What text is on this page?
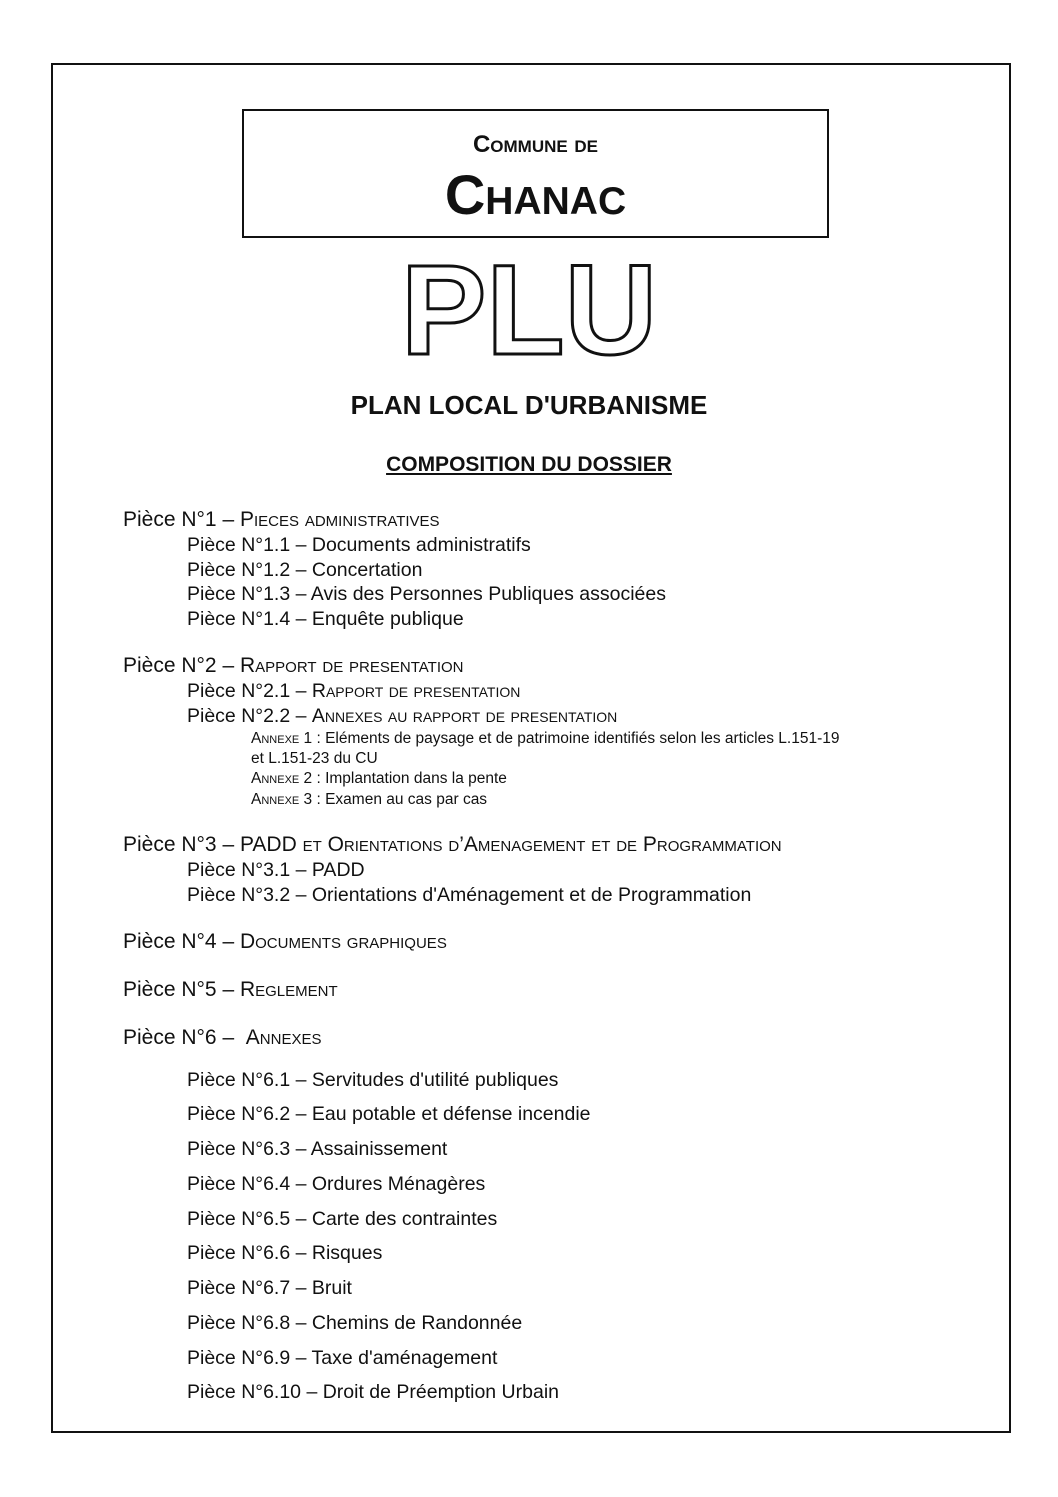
Commune de
Chanac
PLU
PLAN LOCAL D'URBANISME
COMPOSITION DU DOSSIER
Pièce N°1 – Pieces administratives
Pièce N°1.1 – Documents administratifs
Pièce N°1.2 – Concertation
Pièce N°1.3 – Avis des Personnes Publiques associées
Pièce N°1.4 – Enquête publique
Pièce N°2 – Rapport de presentation
Pièce N°2.1 – Rapport de presentation
Pièce N°2.2 – Annexes au rapport de presentation
Annexe 1 : Eléments de paysage et de patrimoine identifiés selon les articles L.151-19
et L.151-23 du CU
Annexe 2 : Implantation dans la pente
Annexe 3 : Examen au cas par cas
Pièce N°3 – PADD et Orientations d’Amenagement et de Programmation
Pièce N°3.1 – PADD
Pièce N°3.2 – Orientations d'Aménagement et de Programmation
Pièce N°4 – Documents graphiques
Pièce N°5 – Reglement
Pièce N°6 –  Annexes
Pièce N°6.1 – Servitudes d'utilité publiques
Pièce N°6.2 – Eau potable et défense incendie
Pièce N°6.3 – Assainissement
Pièce N°6.4 – Ordures Ménagères
Pièce N°6.5 – Carte des contraintes
Pièce N°6.6 – Risques
Pièce N°6.7 – Bruit
Pièce N°6.8 – Chemins de Randonnée
Pièce N°6.9 – Taxe d'aménagement
Pièce N°6.10 – Droit de Préemption Urbain
